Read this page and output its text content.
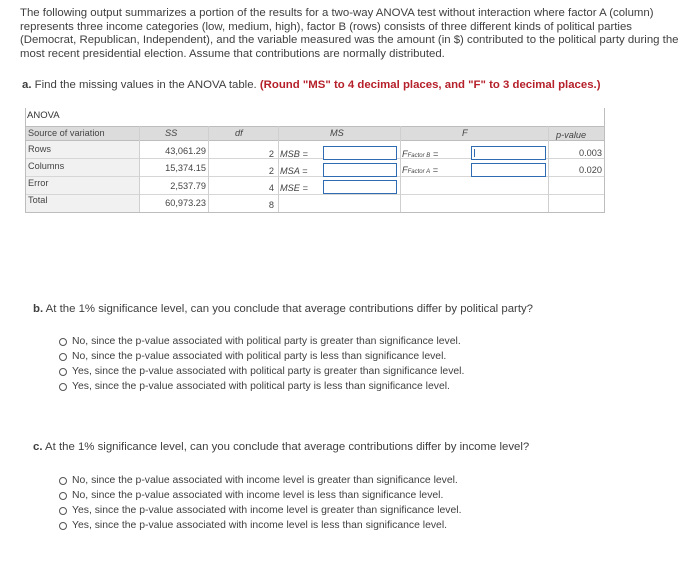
The following output summarizes a portion of the results for a two-way ANOVA test without interaction where factor A (column) represents three income categories (low, medium, high), factor B (rows) consists of three different kinds of political parties (Democrat, Republican, Independent), and the variable measured was the amount (in $) contributed to the political party during the most recent presidential election. Assume that contributions are normally distributed.
a. Find the missing values in the ANOVA table. (Round "MS" to 4 decimal places, and "F" to 3 decimal places.)
ANOVA
Source of variation	SS	df	MS	F	p-value
Rows	43,061.29	2 MSB =	FFactor B =	0.003
Columns	15,374.15	2 MSA =	FFactor A =	0.020
Error	2,537.79	4 MSE =
Total	60,973.23	8
b. At the 1% significance level, can you conclude that average contributions differ by political party?
No , since the p-value associated with political party is greater than significance level.
No , since the p-value associated with political party is less than significance level.
Yes , since the p-value associated with political party is greater than significance level.
Yes , since the p-value associated with political party is less than significance level.
c. At the 1% significance level, can you conclude that average contributions differ by income level?
No , since the p-value associated with income level is greater than significance level.
No , since the p-value associated with income level is less than significance level.
Yes , since the p-value associated with income level is greater than significance level.
Yes , since the p-value associated with income level is less than significance level.
